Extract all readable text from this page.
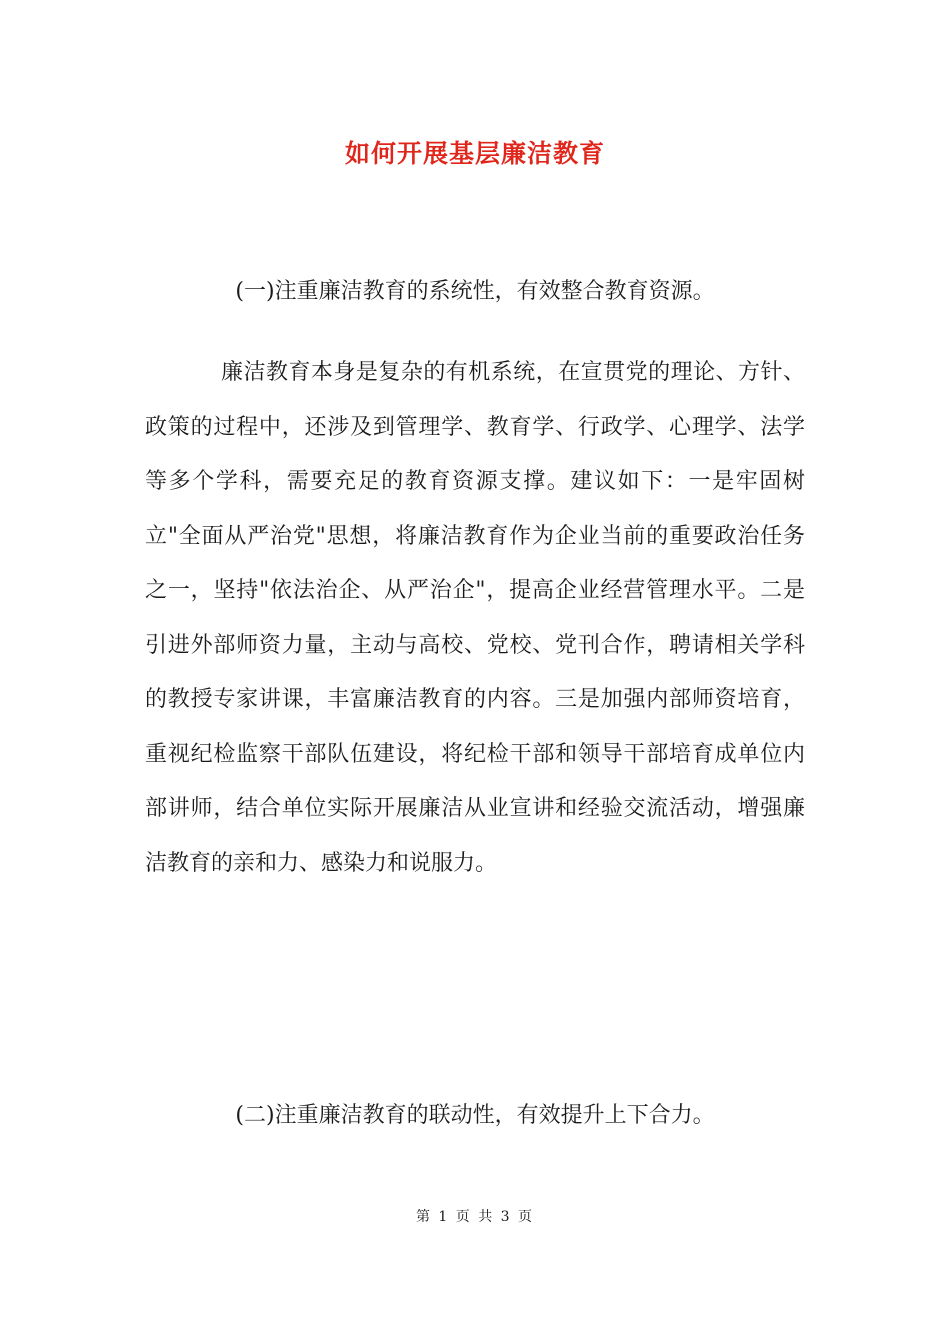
如何开展基层廉洁教育
(一)注重廉洁教育的系统性，有效整合教育资源。
廉洁教育本身是复杂的有机系统，在宣贯党的理论、方针、
政策的过程中，还涉及到管理学、教育学、行政学、心理学、法学
等多个学科，需要充足的教育资源支撑。建议如下：一是牢固树
立"全面从严治党"思想，将廉洁教育作为企业当前的重要政治任务
之一，坚持"依法治企、从严治企"，提高企业经营管理水平。二是
引进外部师资力量，主动与高校、党校、党刊合作，聘请相关学科
的教授专家讲课，丰富廉洁教育的内容。三是加强内部师资培育，
重视纪检监察干部队伍建设，将纪检干部和领导干部培育成单位内
部讲师，结合单位实际开展廉洁从业宣讲和经验交流活动，增强廉
洁教育的亲和力、感染力和说服力。
(二)注重廉洁教育的联动性，有效提升上下合力。
第 1 页 共 3 页
